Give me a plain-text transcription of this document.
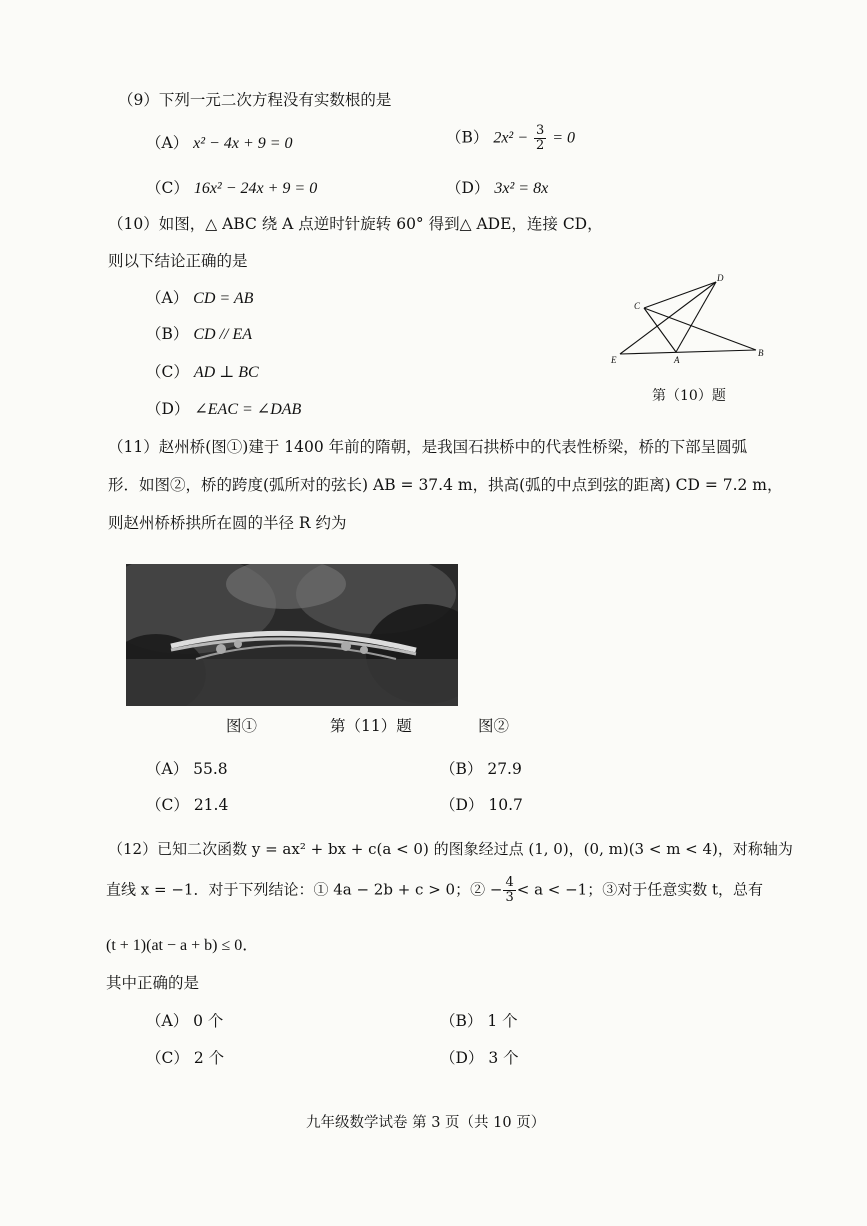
（9）下列一元二次方程没有实数根的是
（A） x² − 4x + 9 = 0	（B） $2x^2 - \frac{3}{2} = 0$
（C） 16x² − 24x + 9 = 0	（D） 3x² = 8x
（10）如图，△ ABC 绕 A 点逆时针旋转 60° 得到△ ADE，连接 CD，
则以下结论正确的是
（A） CD = AB
（B） CD // EA
（C） AD ⊥ BC
（D） ∠EAC = ∠DAB
C
D
E	A
B
第（10）题
（11）赵州桥(图①)建于 1400 年前的隋朝，是我国石拱桥中的代表性桥梁，桥的下部呈圆弧
形．如图②，桥的跨度(弧所对的弦长) AB = 37.4 m，拱高(弧的中点到弦的距离) CD = 7.2 m，
则赵州桥桥拱所在圆的半径 R 约为
图①	第（11）题	图②
（A） 55.8	（B） 27.9
（C） 21.4	（D） 10.7
（12）已知二次函数 y = ax² + bx + c(a < 0) 的图象经过点 (1, 0)，(0, m)(3 < m < 4)，对称轴为
直线 x = −1．对于下列结论：① 4a − 2b + c > 0；② − $\frac{4}{3} < a < -1$；③对于任意实数 t，总有
(t + 1)(at − a + b) ≤ 0．
其中正确的是
（A） 0 个	（B） 1 个
（C） 2 个	（D） 3 个
九年级数学试卷 第 3 页（共 10 页）
